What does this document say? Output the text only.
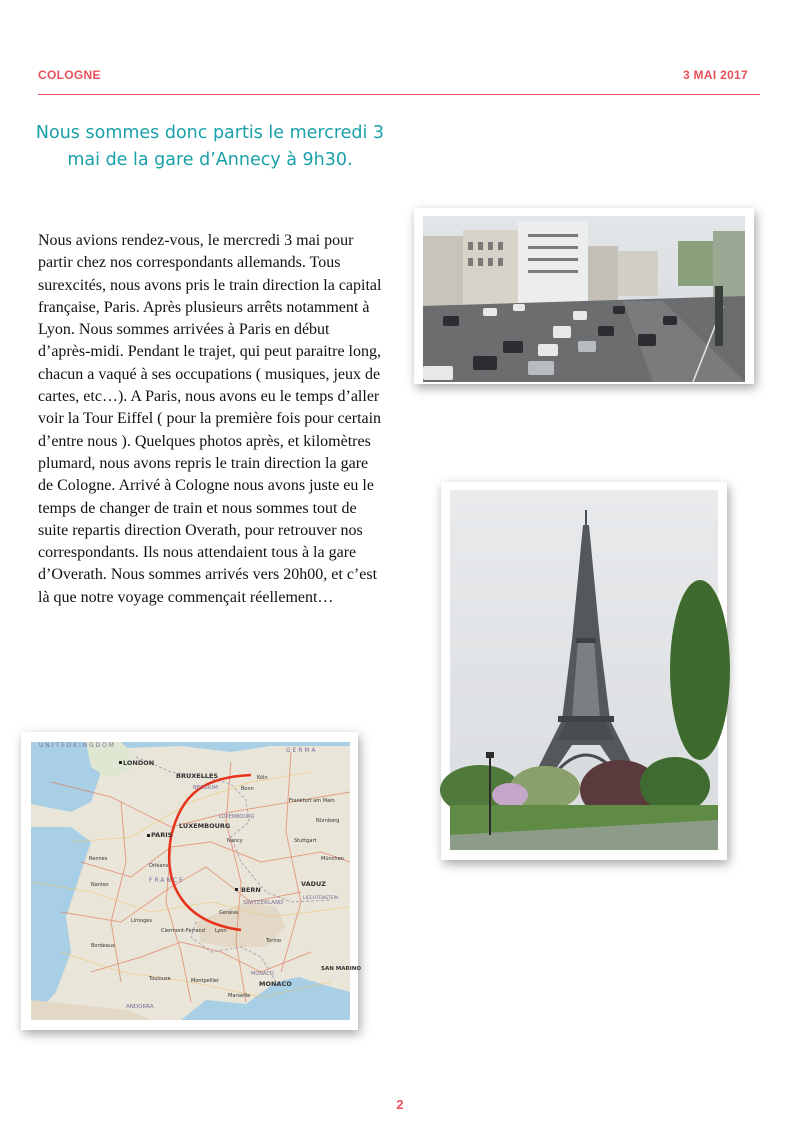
COLOGNE	3 MAI 2017
Nous sommes donc partis le mercredi 3 mai de la gare d’Annecy à 9h30.
Nous avions rendez-vous, le mercredi 3 mai pour partir chez nos correspondants allemands. Tous surexcités, nous avons pris le train direction la capital française, Paris. Après plusieurs arrêts notamment à Lyon. Nous sommes arrivées à Paris en début d’après-midi. Pendant le trajet, qui peut paraitre long, chacun a vaqué à ses occupations ( musiques, jeux de cartes, etc…). A Paris, nous avons eu le temps d’aller voir la Tour Eiffel ( pour la première fois pour certain d’entre nous ). Quelques photos après, et kilomètres plumard, nous avons repris le train direction la gare de Cologne. Arrivé à Cologne nous avons juste eu le temps de changer de train et nous sommes tout de suite repartis direction Overath, pour retrouver nos correspondants. Ils nous attendaient tous à la gare d’Overath. Nous sommes arrivés vers 20h00, et c’est là que notre voyage commençait réellement…
U N I T E D K I N G D O M
G E R M A
LONDON
BRUXELLES
BELGIUM
Köln
Bonn
Frankfurt am Main
LUXEMBOURG
LUXEMBOURG
Nürnberg
PARIS
Nancy	Stuttgart
München
Rennes
Orléans
F R A N C E
Nantes	VADUZ
BERN
LIECHTENSTEIN
SWITZERLAND
Limoges
Genève
Clermont-Ferrand Lyon
Torino
Bordeaux
Toulouse	Montpellier
MONACO
SAN MARINO
MONACO
Marseille
ANDORRA
2
